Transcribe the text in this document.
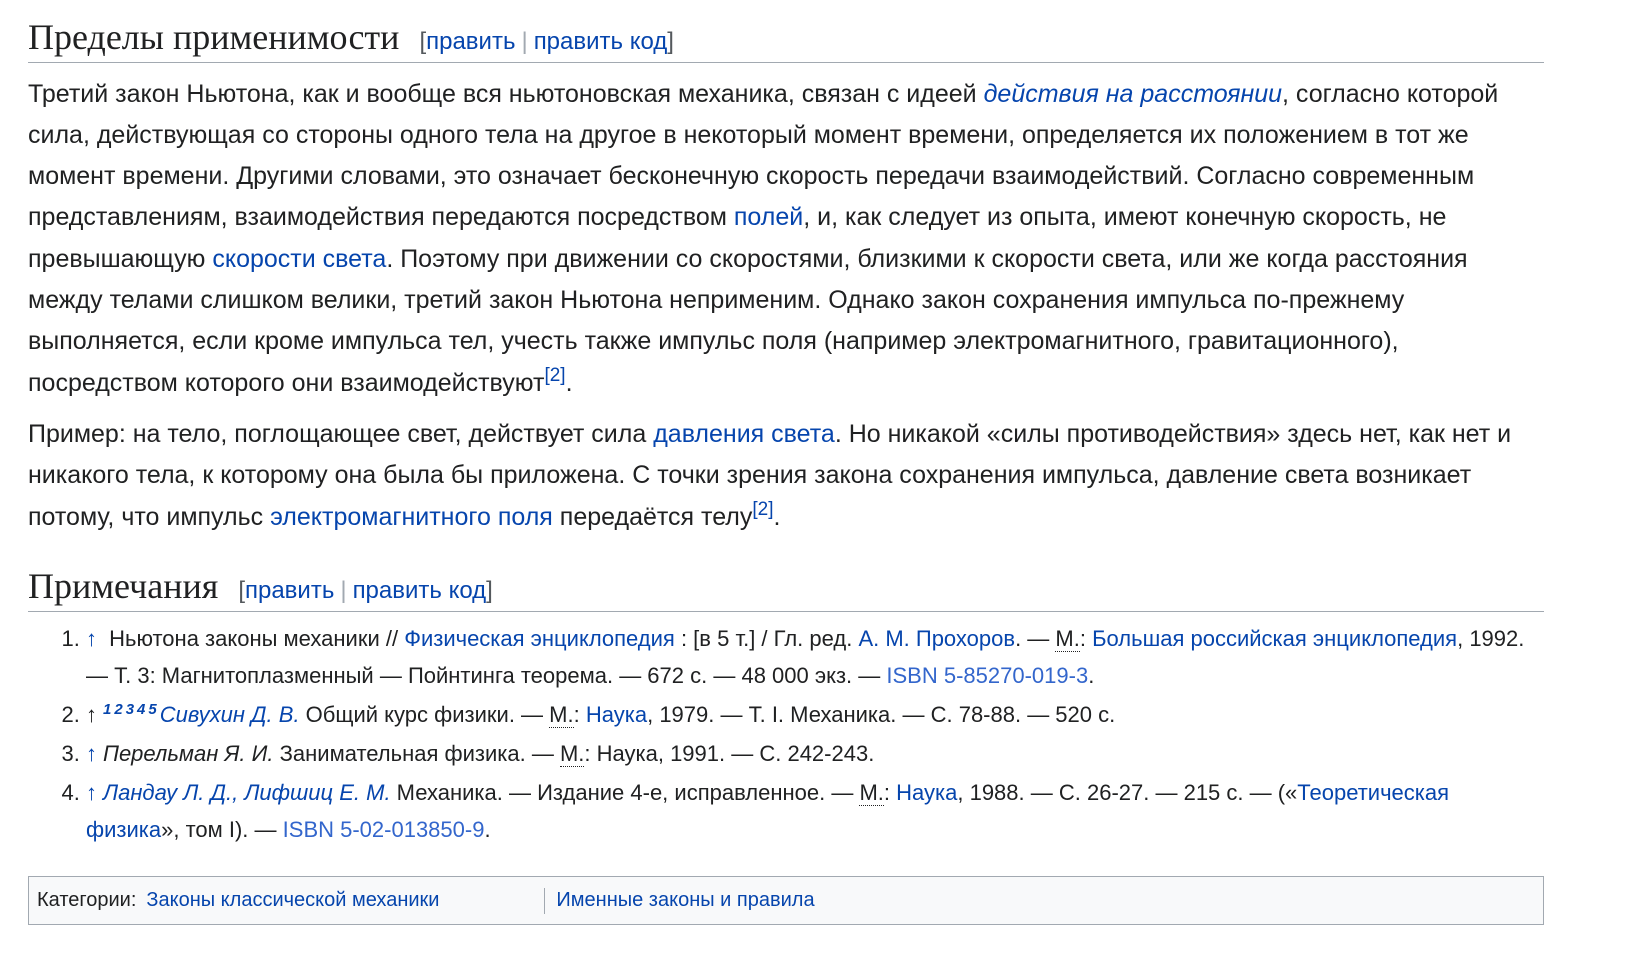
Пределы применимости [править | править код]

Третий закон Ньютона, как и вообще вся ньютоновская механика, связан с идеей действия на расстоянии, согласно которой сила, действующая со стороны одного тела на другое в некоторый момент времени, определяется их положением в тот же момент времени. Другими словами, это означает бесконечную скорость передачи взаимодействий. Согласно современным представлениям, взаимодействия передаются посредством полей, и, как следует из опыта, имеют конечную скорость, не превышающую скорости света. Поэтому при движении со скоростями, близкими к скорости света, или же когда расстояния между телами слишком велики, третий закон Ньютона неприменим. Однако закон сохранения импульса по-прежнему выполняется, если кроме импульса тел, учесть также импульс поля (например электромагнитного, гравитационного), посредством которого они взаимодействуют[2].

Пример: на тело, поглощающее свет, действует сила давления света. Но никакой «силы противодействия» здесь нет, как нет и никакого тела, к которому она была бы приложена. С точки зрения закона сохранения импульса, давление света возникает потому, что импульс электромагнитного поля передаётся телу[2].

Примечания [править | править код]
1. ↑ Ньютона законы механики // Физическая энциклопедия : [в 5 т.] / Гл. ред. А. М. Прохоров. — М.: Большая российская энциклопедия, 1992. — Т. 3: Магнитоплазменный — Пойнтинга теорема. — 672 с. — 48 000 экз. — ISBN 5-85270-019-3.
2. ↑ $^{1 2 3 4 5}$ Сивухин Д. В. Общий курс физики. — М.: Наука, 1979. — Т. I. Механика. — С. 78-88. — 520 с.
3. ↑ Перельман Я. И. Занимательная физика. — М.: Наука, 1991. — С. 242-243.
4. ↑ Ландау Л. Д., Лифшиц Е. М. Механика. — Издание 4-е, исправленное. — М.: Наука, 1988. — С. 26-27. — 215 с. — («Теоретическая физика», том I). — ISBN 5-02-013850-9.
Категории : Законы классической механики	Именные законы и правила
